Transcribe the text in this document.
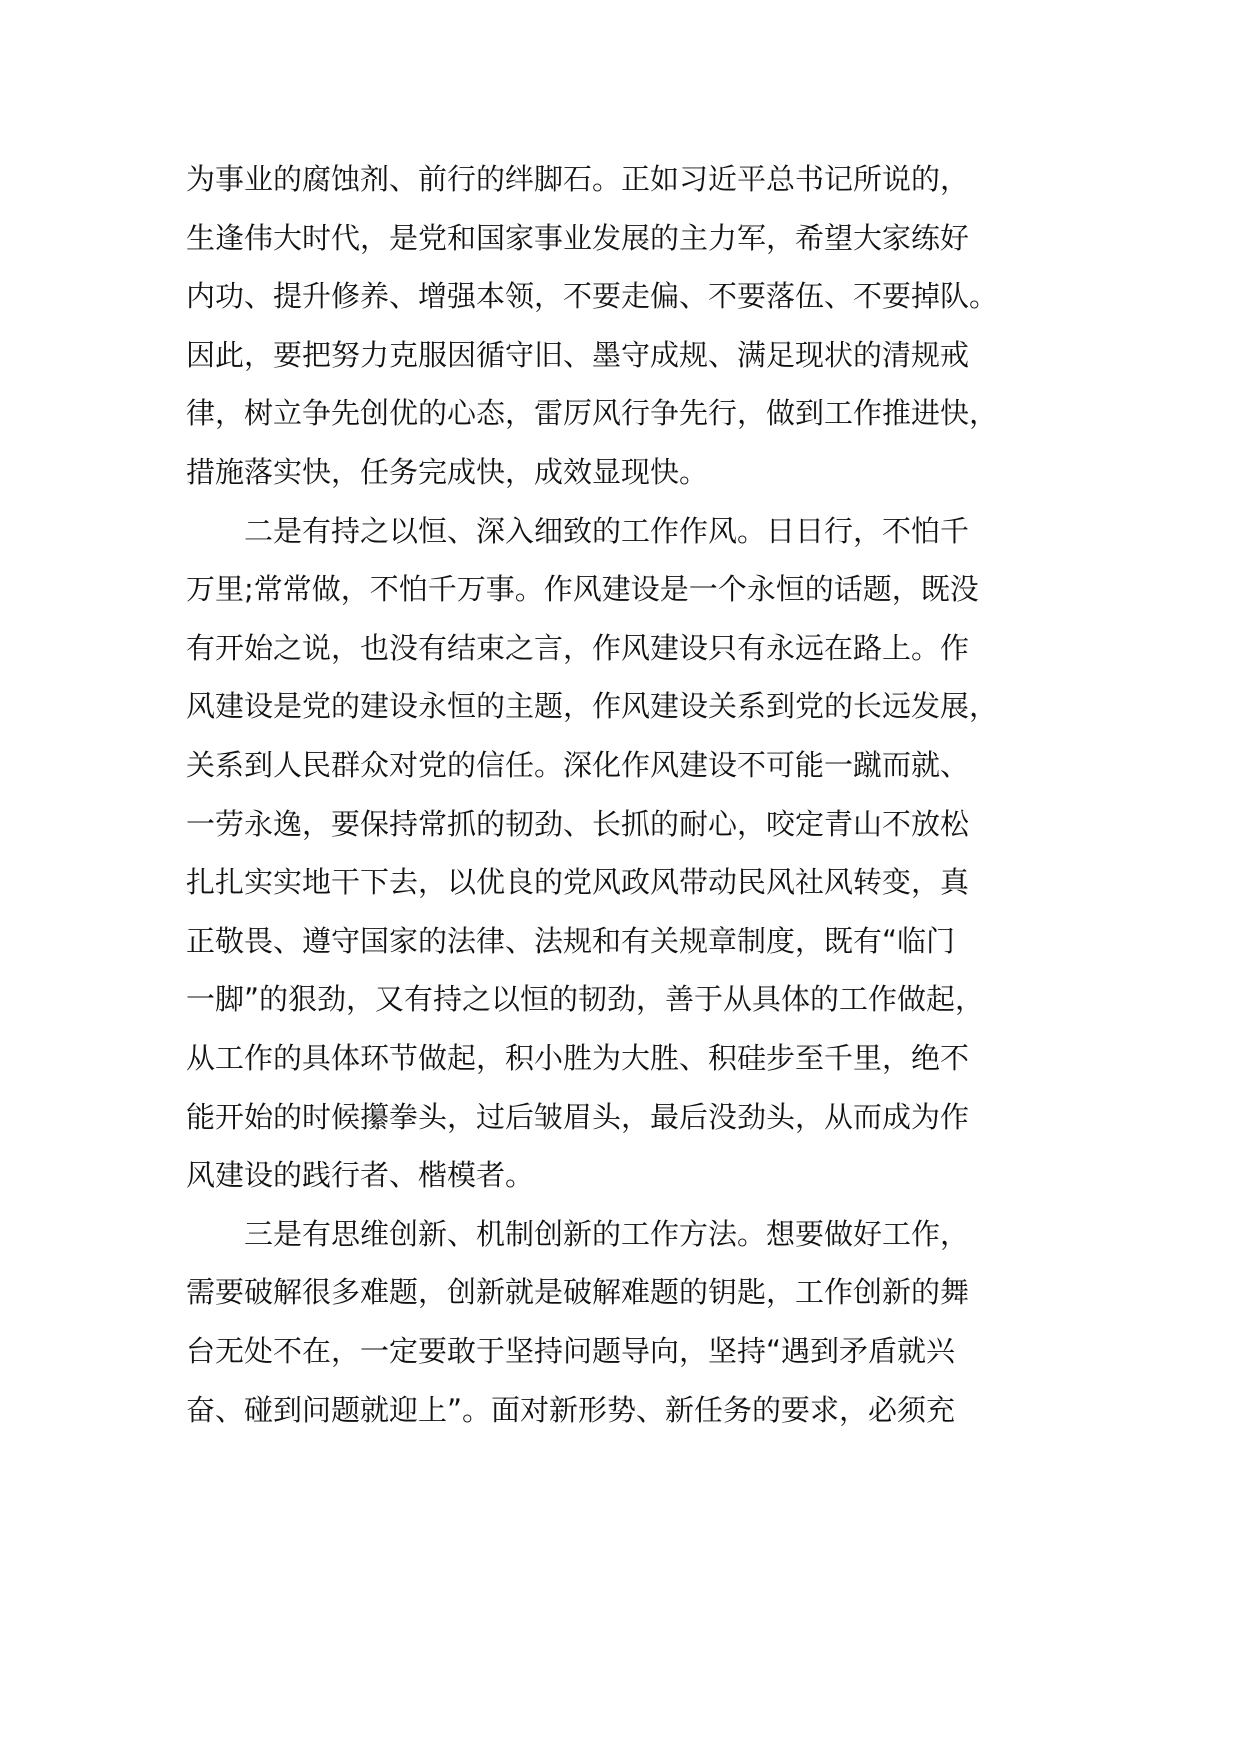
为事业的腐蚀剂、前行的绊脚石。正如习近平总书记所说的，
生逢伟大时代，是党和国家事业发展的主力军，希望大家练好
内功、提升修养、增强本领，不要走偏、不要落伍、不要掉队。
因此，要把努力克服因循守旧、墨守成规、满足现状的清规戒
律，树立争先创优的心态，雷厉风行争先行，做到工作推进快，
措施落实快，任务完成快，成效显现快。
二是有持之以恒、深入细致的工作作风。日日行，不怕千
万里;常常做，不怕千万事。作风建设是一个永恒的话题，既没
有开始之说，也没有结束之言，作风建设只有永远在路上。作
风建设是党的建设永恒的主题，作风建设关系到党的长远发展，
关系到人民群众对党的信任。深化作风建设不可能一蹴而就、
一劳永逸，要保持常抓的韧劲、长抓的耐心，咬定青山不放松
扎扎实实地干下去，以优良的党风政风带动民风社风转变，真
正敬畏、遵守国家的法律、法规和有关规章制度，既有“临门
一脚”的狠劲，又有持之以恒的韧劲，善于从具体的工作做起，
从工作的具体环节做起，积小胜为大胜、积硅步至千里，绝不
能开始的时候攥拳头，过后皱眉头，最后没劲头，从而成为作
风建设的践行者、楷模者。
三是有思维创新、机制创新的工作方法。想要做好工作，
需要破解很多难题，创新就是破解难题的钥匙，工作创新的舞
台无处不在，一定要敢于坚持问题导向，坚持“遇到矛盾就兴
奋、碰到问题就迎上”。面对新形势、新任务的要求，必须充
